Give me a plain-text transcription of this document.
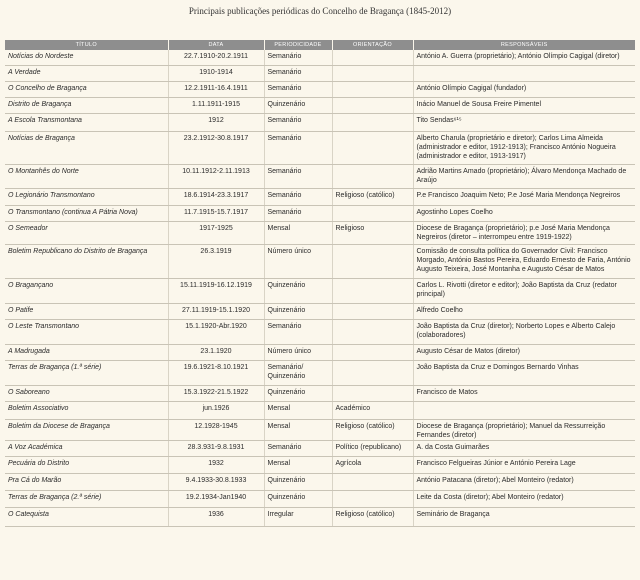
Principais publicações periódicas do Concelho de Bragança (1845-2012)
TÍTULO	DATA	PERIODICIDADE	ORIENTAÇÃO	RESPONSÁVEIS
Notícias do Nordeste	22.7.1910-20.2.1911	Semanário		António A. Guerra (proprietário); António Olímpio Cagigal (diretor)
A Verdade	1910-1914	Semanário		
O Concelho de Bragança	12.2.1911-16.4.1911	Semanário		António Olímpio Cagigal (fundador)
Distrito de Bragança	1.11.1911-1915	Quinzenário		Inácio Manuel de Sousa Freire Pimentel
A Escola Transmontana	1912	Semanário		Tito Sendas⁶¹⁵
Notícias de Bragança	23.2.1912-30.8.1917	Semanário		Alberto Charula (proprietário e diretor); Carlos Lima Almeida (administrador e editor, 1912-1913); Francisco António Nogueira (administrador e editor, 1913-1917)
O Montanhês do Norte	10.11.1912-2.11.1913	Semanário		Adrião Martins Amado (proprietário); Álvaro Mendonça Machado de Araújo
O Legionário Transmontano	18.6.1914-23.3.1917	Semanário	Religioso (católico)	P.e Francisco Joaquim Neto; P.e José Maria Mendonça Negreiros
O Transmontano (continua A Pátria Nova)	11.7.1915-15.7.1917	Semanário		Agostinho Lopes Coelho
O Semeador	1917-1925	Mensal	Religioso	Diocese de Bragança (proprietário); p.e José Maria Mendonça Negreiros (diretor – interrompeu entre 1919-1922)
Boletim Republicano do Distrito de Bragança	26.3.1919	Número único		Comissão de consulta política do Governador Civil: Francisco Morgado, António Bastos Pereira, Eduardo Ernesto de Faria, António Augusto Teixeira, José Montanha e Augusto César de Matos
O Bragançano	15.11.1919-16.12.1919	Quinzenário		Carlos L. Rivotti (diretor e editor); João Baptista da Cruz (redator principal)
O Patife	27.11.1919-15.1.1920	Quinzenário		Alfredo Coelho
O Leste Transmontano	15.1.1920-Abr.1920	Semanário		João Baptista da Cruz (diretor); Norberto Lopes e Alberto Calejo (colaboradores)
A Madrugada	23.1.1920	Número único		Augusto César de Matos (diretor)
Terras de Bragança (1.ª série)	19.6.1921-8.10.1921	Semanário/ Quinzenário		João Baptista da Cruz e Domingos Bernardo Vinhas
O Saboreano	15.3.1922-21.5.1922	Quinzenário		Francisco de Matos
Boletim Associativo	jun.1926	Mensal	Académico	
Boletim da Diocese de Bragança	12.1928-1945	Mensal	Religioso (católico)	Diocese de Bragança (proprietário); Manuel da Ressurreição Fernandes (diretor)
A Voz Académica	28.3.931-9.8.1931	Semanário	Político (republicano)	A. da Costa Guimarães
Pecuária do Distrito	1932	Mensal	Agrícola	Francisco Felgueiras Júnior e António Pereira Lage
Pra Cá do Marão	9.4.1933-30.8.1933	Quinzenário		António Patacana (diretor); Abel Monteiro (redator)
Terras de Bragança (2.ª série)	19.2.1934-Jan1940	Quinzenário		Leite da Costa (diretor); Abel Monteiro (redator)
O Catequista	1936	Irregular	Religioso (católico)	Seminário de Bragança
